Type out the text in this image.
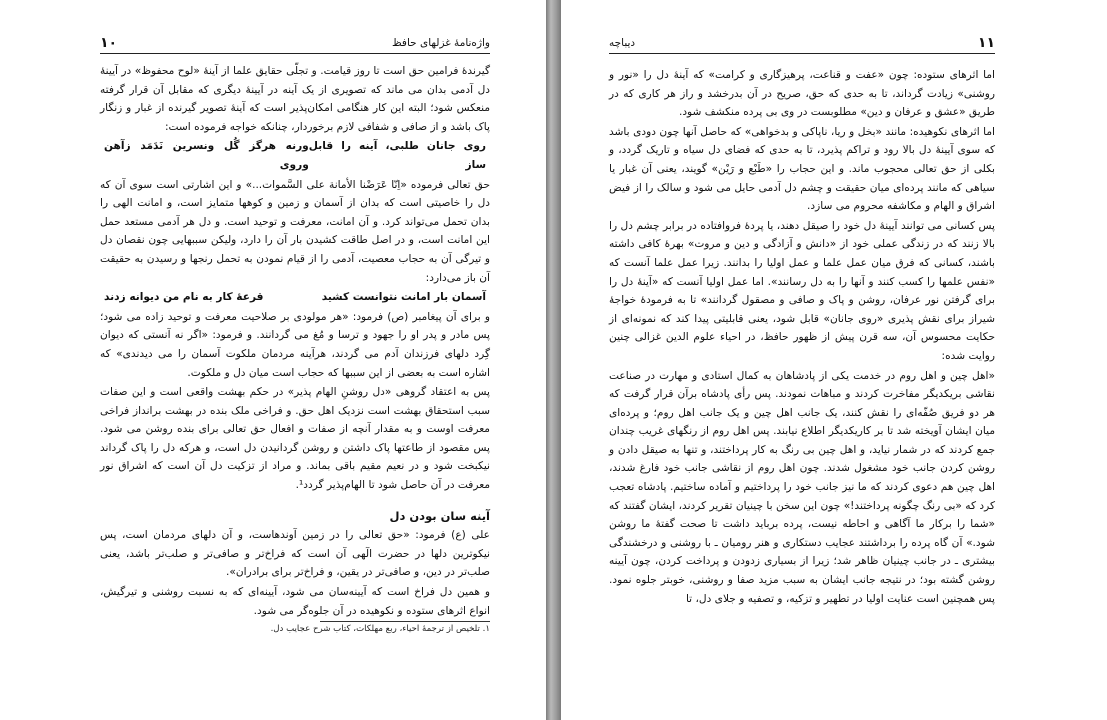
۱۰	واژه‌نامهٔ غزلهای حافظ

گیرندهٔ فرامین حق است تا روز قیامت. و تجلّی حقایق علما از آینهٔ «لوح محفوظ» در آیینهٔ دل آدمی بدان می ماند که تصویری از یک آینه در آیینهٔ دیگری که مقابل آن قرار گرفته منعکس شود؛ البته این کار هنگامی امکان‌پذیر است که آینهٔ تصویر گیرنده از غبار و زنگار پاک باشد و از صافی و شفافی لازم برخوردار، چنانکه خواجه فرموده است:

روی جانان طلبی، آینه را قابل ساز
ورنه هرگز گُل ونسرین نَدَمَد زآهن وروی

حق تعالی فرموده «اِنّا عَرَضْنا الأمانة علی السَّموات...» و این اشارتی است سوی آن که دل را خاصیتی است که بدان از آسمان و زمین و کوهها متمایز است، و امانت الهی را بدان تحمل می‌تواند کرد. و آن امانت، معرفت و توحید است. و دل هر آدمی مستعد حمل این امانت است، و در اصل طاقت کشیدن بار آن را دارد، ولیکن سببهایی چون نقصان دل و تیرگی آن به حجاب معصیت، آدمی را از قیام نمودن به تحمل رنجها و رسیدن به حقیقت آن باز می‌دارد:

آسمان بار امانت نتوانست کشید
قرعهٔ کار به نام من دیوانه زدند

و برای آن پیغامبر (ص) فرمود: «هر مولودی بر صلاحیت معرفت و توحید زاده می شود؛ پس مادر و پدر او را جهود و ترسا و مُغ می گردانند. و فرمود: «اگر نه آنستی که دیوان گِرد دلهای فرزندان آدم می گردند، هرآینه مردمان ملکوت آسمان را می دیدندی» که اشاره است به بعضی از این سببها که حجاب است میان دل و ملکوت.

پس به اعتقاد گروهی «دل روشنِ الهام پذیر» در حکم بهشت واقعی است و این صفات سبب استحقاق بهشت است نزدیک اهل حق. و فراخی ملک بنده در بهشت برانداز فراخی معرفت اوست و به مقدار آنچه از صفات و افعال حق تعالی برای بنده روشن می شود. پس مقصود از طاعتها پاک داشتن و روشن گردانیدن دل است، و هرکه دل را پاک گرداند نیکبخت شود و در نعیم مقیم باقی بماند. و مراد از تزکیت دل آن است که اشراق نور معرفت در آن حاصل شود تا الهام‌پذیر گردد¹.

آینه سان بودن دل

علی (ع) فرمود: «حق تعالی را در زمین آوندهاست، و آن دلهای مردمان است، پس نیکوترین دلها در حضرت الٓهی آن است که فراخ‌تر و صافی‌تر و صلب‌تر باشد، یعنی صلب‌تر در دین، و صافی‌تر در یقین، و فراخ‌تر برای برادران».

و همین دل فراخ است که آیینه‌سان می شود، آیینه‌ای که به نسبت روشنی و تیرگیش، انواع اثرهای ستوده و نکوهیده در آن جلوه‌گر می شود.

۱. تلخیص از ترجمهٔ احیاء، ربع مهلکات، کتاب شرح عجایب دل.

۱۱
دیباچه

اما اثرهای ستوده: چون «عفت و قناعت، پرهیزگاری و کرامت» که آینهٔ دل را «نور و روشنی» زیادت گرداند، تا به حدی که حق، صریح در آن بدرخشد و راز هر کاری که در طریق «عشق و عرفان و دین» مطلوبست در وی بی پرده منکشف شود.

اما اثرهای نکوهیده: مانند «بخل و ریا، ناپاکی و بدخواهی» که حاصل آنها چون دودی باشد که سوی آیینهٔ دل بالا رود و تراکم پذیرد، تا به حدی که فضای دل سیاه و تاریک گردد، و بکلی از حق تعالی محجوب ماند. و این حجاب را «طَبْع و رَیْن» گویند، یعنی آن غبار یا سیاهی که مانند پرده‌ای میان حقیقت و چشم دل آدمی حایل می شود و سالک را از فیض اشراق و الهام و مکاشفه محروم می سازد.

پس کسانی می توانند آیینهٔ دل خود را صیقل دهند، یا پردهٔ فروافتاده در برابر چشم دل را بالا زنند که در زندگی عملی خود از «دانش و آزادگی و دین و مروت» بهرهٔ کافی داشته باشند، کسانی که فرق میان عمل علما و عمل اولیا را بدانند. زیرا عمل علما آنست که «نفس علمها را کسب کنند و آنها را به دل رسانند». اما عمل اولیا آنست که «آینهٔ دل را برای گرفتن نور عرفان، روشن و پاک و صافی و مصقول گردانند» تا به فرمودهٔ خواجهٔ شیراز برای نقش پذیری «روی جانان» قابل شود، یعنی قابلیتی پیدا کند که نمونه‌ای از حکایت محسوس آن، سه قرن پیش از ظهور حافظ، در احیاء علوم الدین غزالی چنین روایت شده:

«اهل چین و اهل روم در خدمت یکی از پادشاهان به کمال استادی و مهارت در صناعت نقاشی بریکدیگر مفاخرت کردند و مباهات نمودند. پس رأی پادشاه برآن قرار گرفت که هر دو فریق صُفّه‌ای را نقش کنند، یک جانب اهل چین و یک جانب اهل روم؛ و پرده‌ای میان ایشان آویخته شد تا بر کاریکدیگر اطلاع نیابند. پس اهل روم از رنگهای غریب چندان جمع کردند که در شمار نیاید، و اهل چین بی رنگ به کار پرداختند، و تنها به صیقل دادن و روشن کردن جانب خود مشغول شدند. چون اهل روم از نقاشی جانب خود فارغ شدند، اهل چین هم دعوی کردند که ما نیز جانب خود را پرداختیم و آماده ساختیم. پادشاه تعجب کرد که «بی رنگ چگونه پرداختند!» چون این سخن با چینیان تقریر کردند، ایشان گفتند که «شما را برکار ما آگاهی و احاطه نیست، پرده برباید داشت تا صحت گفتهٔ ما روشن شود.» آن گاه پرده را برداشتند عجایب دستکاری و هنر رومیان ـ با روشنی و درخشندگی بیشتری ـ در جانب چینیان ظاهر شد؛ زیرا از بسیاری زدودن و پرداخت کردن، چون آیینه روشن گشته بود؛ در نتیجه جانب ایشان به سبب مزید صفا و روشنی، خوبتر جلوه نمود. پس همچنین است عنایت اولیا در تطهیر و تزکیه، و تصفیه و جلای دل، تا
